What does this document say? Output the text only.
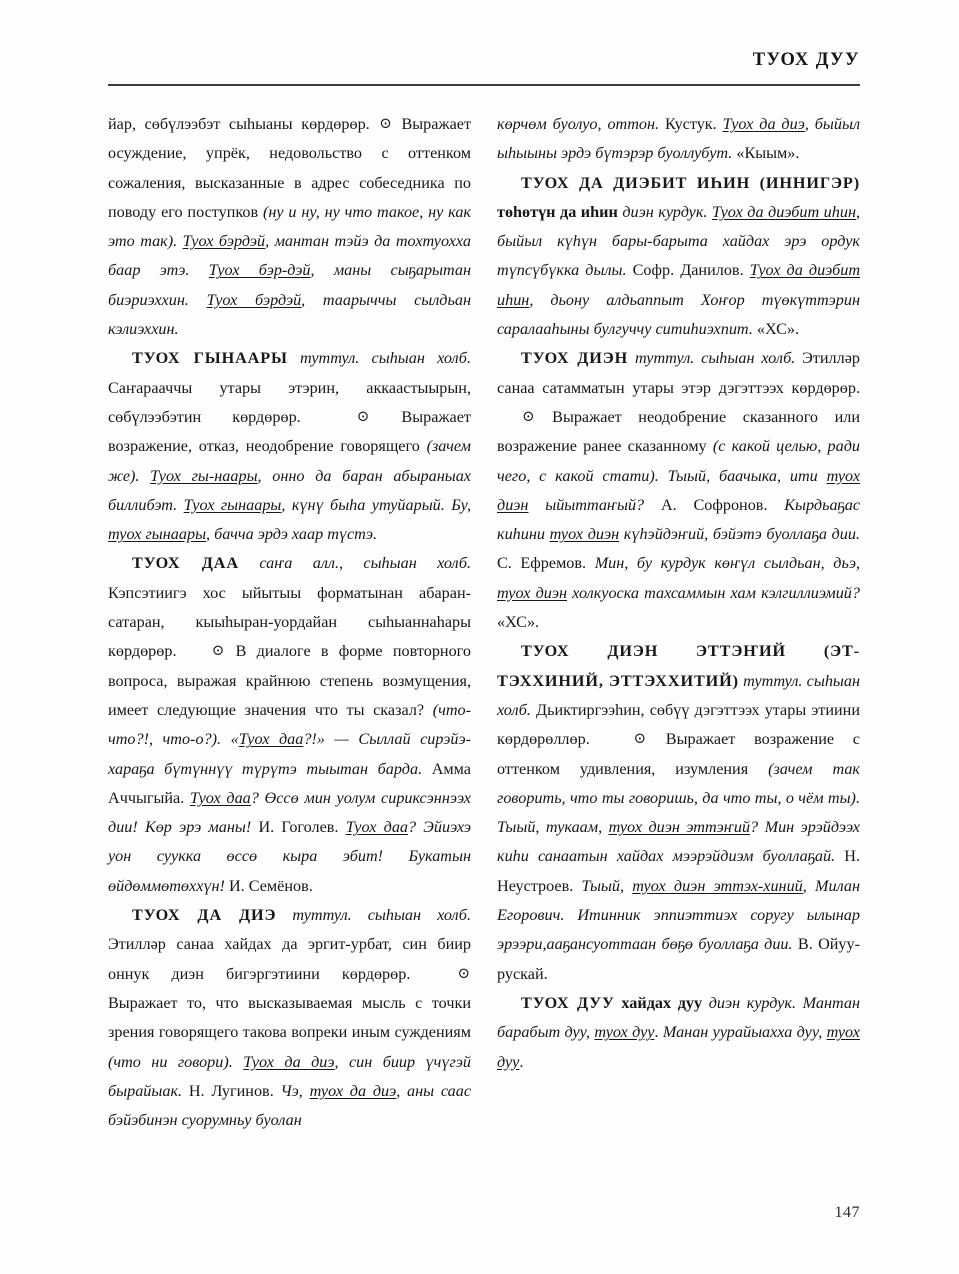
ТУОХ ДУУ

йар, сөбүлээбэт сыһыаны көрдөрөр. ⊙ Выражает осуждение, упрёк, недовольство с оттенком сожаления, высказанные в адрес собеседника по поводу его поступков (ну и ну, ну что такое, ну как это так). Туох бэрдэй, мантан тэйэ да тохтуохха баар этэ. Туох бэр-дэй, маны сыҕарытан биэриэххин. Туох бэрдэй, таарыччы сылдьан кэлиэххин.

ТУОХ ГЫНААРЫ туттул. сыһыан холб. Саҥарааччы утары этэрин, аккаастыырын, сөбүлээбэтин көрдөрөр.	⊙ Выражает возражение, отказ, неодобрение говорящего (зачем же). Туох гы-наары, онно да баран абыраныах биллибэт. Туох гынаары, күнү быһа утуйарый. Бу, туох гынаары, бачча эрдэ хаар түстэ.

ТУОХ ДАА саҥа алл., сыһыан холб. Кэпсэтиигэ хос ыйытыы форматынан абаран-сатаран, кыыһыран-уордайан сыһыаннаһары көрдөрөр. ⊙ В диалоге в форме повторного вопроса, выражая крайнюю степень возмущения, имеет следующие значения что ты сказал? (что-что?!, что-о?). «Туох даа?!» — Сыллай сирэйэ-хараҕа бүтүннүү түрүтэ тыытан барда. Амма Аччыгыйа. Туох даа? Өссө мин уолум сириксэннээх дии! Көр эрэ маны! И. Гоголев. Туох даа? Эйиэхэ уон суукка өссө кыра эбит! Букатын өйдөммөтөххүн! И. Семёнов.

ТУОХ ДА ДИЭ туттул. сыһыан холб. Этилләр санаа хайдах да эргит-урбат, син биир оннук диэн бигэргэтиини көрдөрөр.	⊙ Выражает то, что высказываемая мысль с точки зрения говорящего такова вопреки иным суждениям (что ни говори). Туох да диэ, син биир үчүгэй бырайыак. Н. Лугинов. Чэ, туох да диэ, аны саас бэйэбинэн суорумньу буолан

көрчөм буолуо, оттон. Кустук. Туох да диэ, быйыл ыһыыны эрдэ бүтэрэр буоллубут. «Кыым».

ТУОХ ДА ДИЭБИТ ИҺИН (ИННИГЭР) төһөтүн да иһин диэн курдук. Туох да диэбит иһин, быйыл күһүн бары-барыта хайдах эрэ ордук түпсүбүкка дылы. Софр. Данилов. Туох да диэбит иһин, дьону алдьаппыт Хоҥор түөкүттэрин саралааһыны булгуччу ситиһиэхпит. «ХС».

ТУОХ ДИЭН туттул. сыһыан холб. Этилләр санаа сатамматын утары этэр дэгэттээх көрдөрөр. ⊙ Выражает неодобрение сказанного или возражение ранее сказанному (с какой целью, ради чего, с какой стати). Тыый, баачыка, ити туох диэн ыйыттаҥый? А. Софронов. Кырдьаҕас киһини туох диэн күһэйдэҥий, бэйэтэ буоллаҕа дии. С. Ефремов. Мин, бу курдук көҥүл сылдьан, дьэ, туох диэн холкуоска тахсаммын хам кэлгиллиэмий? «ХС».

ТУОХ ДИЭН ЭТТЭҤИЙ (ЭТ-ТЭХХИНИЙ, ЭТТЭХХИТИЙ) туттул. сыһыан холб. Дьиктиргээһин, сөбүү дэгэттээх утары этиини көрдөрөллөр.	⊙ Выражает возражение с оттенком удивления, изумления (зачем так говорить, что ты говоришь, да что ты, о чём ты). Тыый, тукаам, туох диэн эттэҥий? Мин эрэйдээх киһи санаатын хайдах мээрэйдиэм буоллаҕай. Н. Неустроев. Тыый, туох диэн эттэх-хиний, Милан Егорович. Итинник эппиэттиэх соругу ылынар эрээри,ааҕансуоттаан бөҕө буоллаҕа дии. В. Ойуу-рускай.

ТУОХ ДУУ хайдах дуу диэн курдук. Мантан барабыт дуу, туох дуу. Манан уурайыахха дуу, туох дуу.

147
